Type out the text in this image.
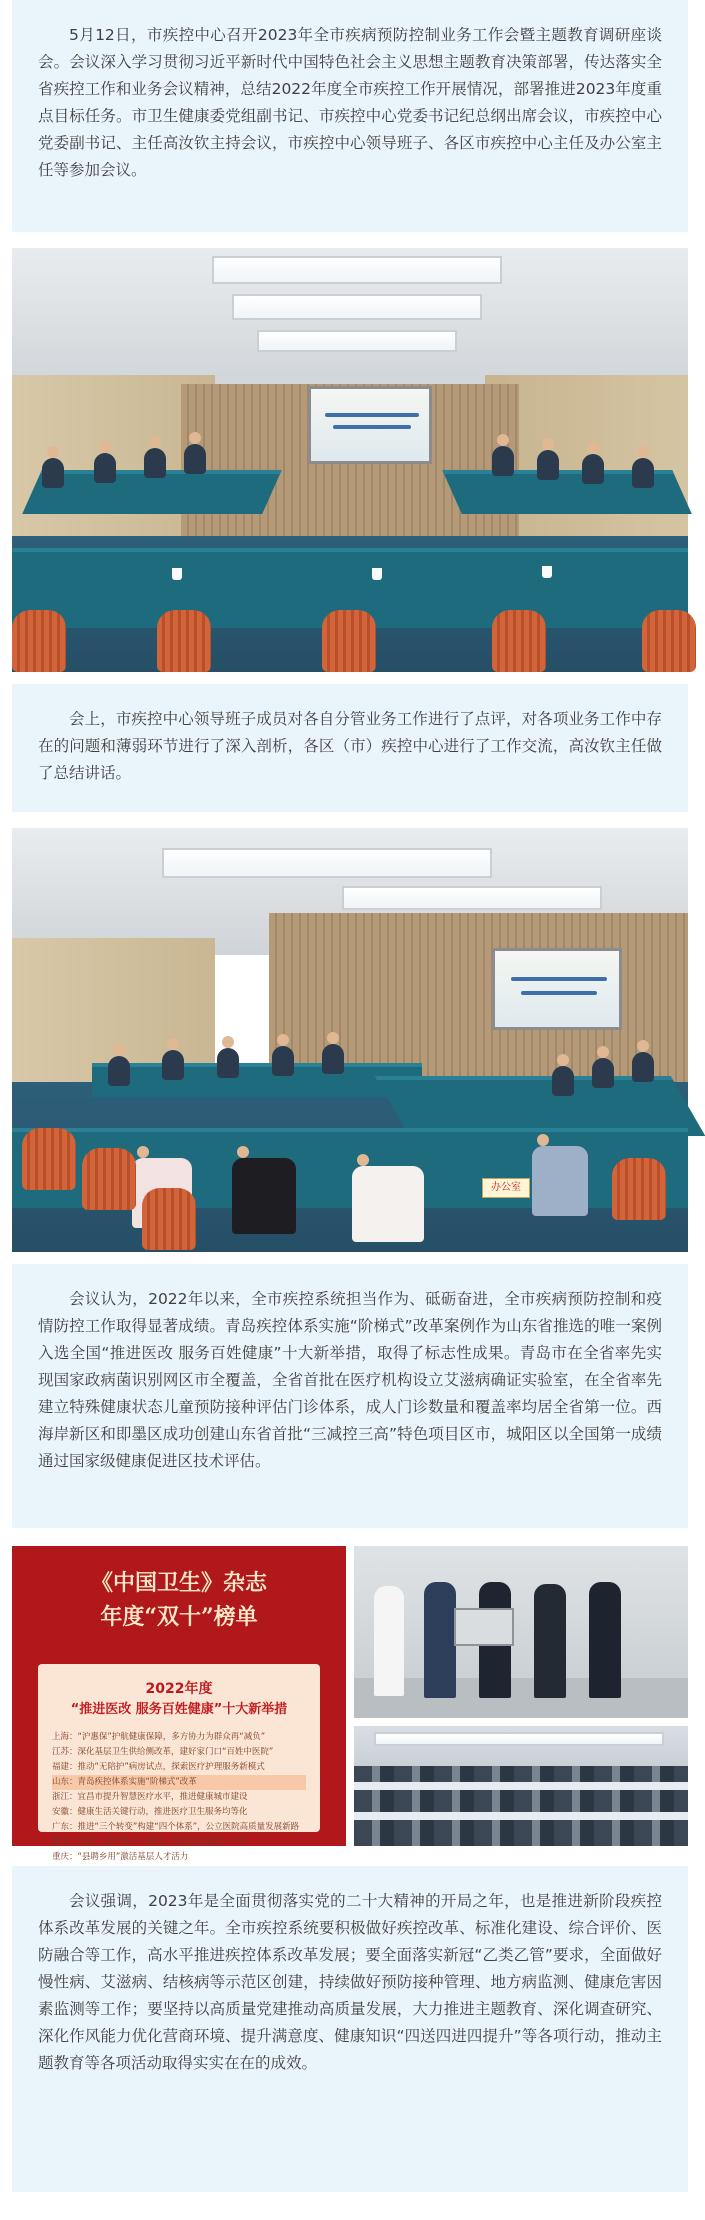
5月12日，市疾控中心召开2023年全市疾病预防控制业务工作会暨主题教育调研座谈会。会议深入学习贯彻习近平新时代中国特色社会主义思想主题教育决策部署，传达落实全省疾控工作和业务会议精神，总结2022年度全市疾控工作开展情况，部署推进2023年度重点目标任务。市卫生健康委党组副书记、市疾控中心党委书记纪总纲出席会议，市疾控中心党委副书记、主任高汝钦主持会议，市疾控中心领导班子、各区市疾控中心主任及办公室主任等参加会议。

会上，市疾控中心领导班子成员对各自分管业务工作进行了点评，对各项业务工作中存在的问题和薄弱环节进行了深入剖析，各区（市）疾控中心进行了工作交流，高汝钦主任做了总结讲话。

办公室

会议认为，2022年以来，全市疾控系统担当作为、砥砺奋进，全市疾病预防控制和疫情防控工作取得显著成绩。青岛疾控体系实施“阶梯式”改革案例作为山东省推选的唯一案例入选全国“推进医改 服务百姓健康”十大新举措，取得了标志性成果。青岛市在全省率先实现国家政病菌识别网区市全覆盖，全省首批在医疗机构设立艾滋病确证实验室，在全省率先建立特殊健康状态儿童预防接种评估门诊体系，成人门诊数量和覆盖率均居全省第一位。西海岸新区和即墨区成功创建山东省首批“三减控三高”特色项目区市，城阳区以全国第一成绩通过国家级健康促进区技术评估。

《中国卫生》杂志
年度“双十”榜单
2022年度
“推进医改 服务百姓健康”十大新举措
上海：“沪惠保”护航健康保障，多方协力为群众再“减负”
江苏：深化基层卫生供给侧改革，建好家门口“百姓中医院”
福建：推动“无陪护”病房试点，探索医疗护理服务新模式
山东：青岛疾控体系实施“阶梯式”改革
浙江：宜昌市提升智慧医疗水平，推进健康城市建设
安徽：健康生活关键行动，推进医疗卫生服务均等化
广东：推进“三个转变”构建“四个体系”，公立医院高质量发展新路
海南：创新“三医”联动一张网，打造协同监管一平台
重庆：“县聘乡用”激活基层人才活力

会议强调，2023年是全面贯彻落实党的二十大精神的开局之年，也是推进新阶段疾控体系改革发展的关键之年。全市疾控系统要积极做好疾控改革、标准化建设、综合评价、医防融合等工作，高水平推进疾控体系改革发展；要全面落实新冠“乙类乙管”要求，全面做好慢性病、艾滋病、结核病等示范区创建，持续做好预防接种管理、地方病监测、健康危害因素监测等工作；要坚持以高质量党建推动高质量发展，大力推进主题教育、深化调查研究、深化作风能力优化营商环境、提升满意度、健康知识“四送四进四提升”等各项行动，推动主题教育等各项活动取得实实在在的成效。
